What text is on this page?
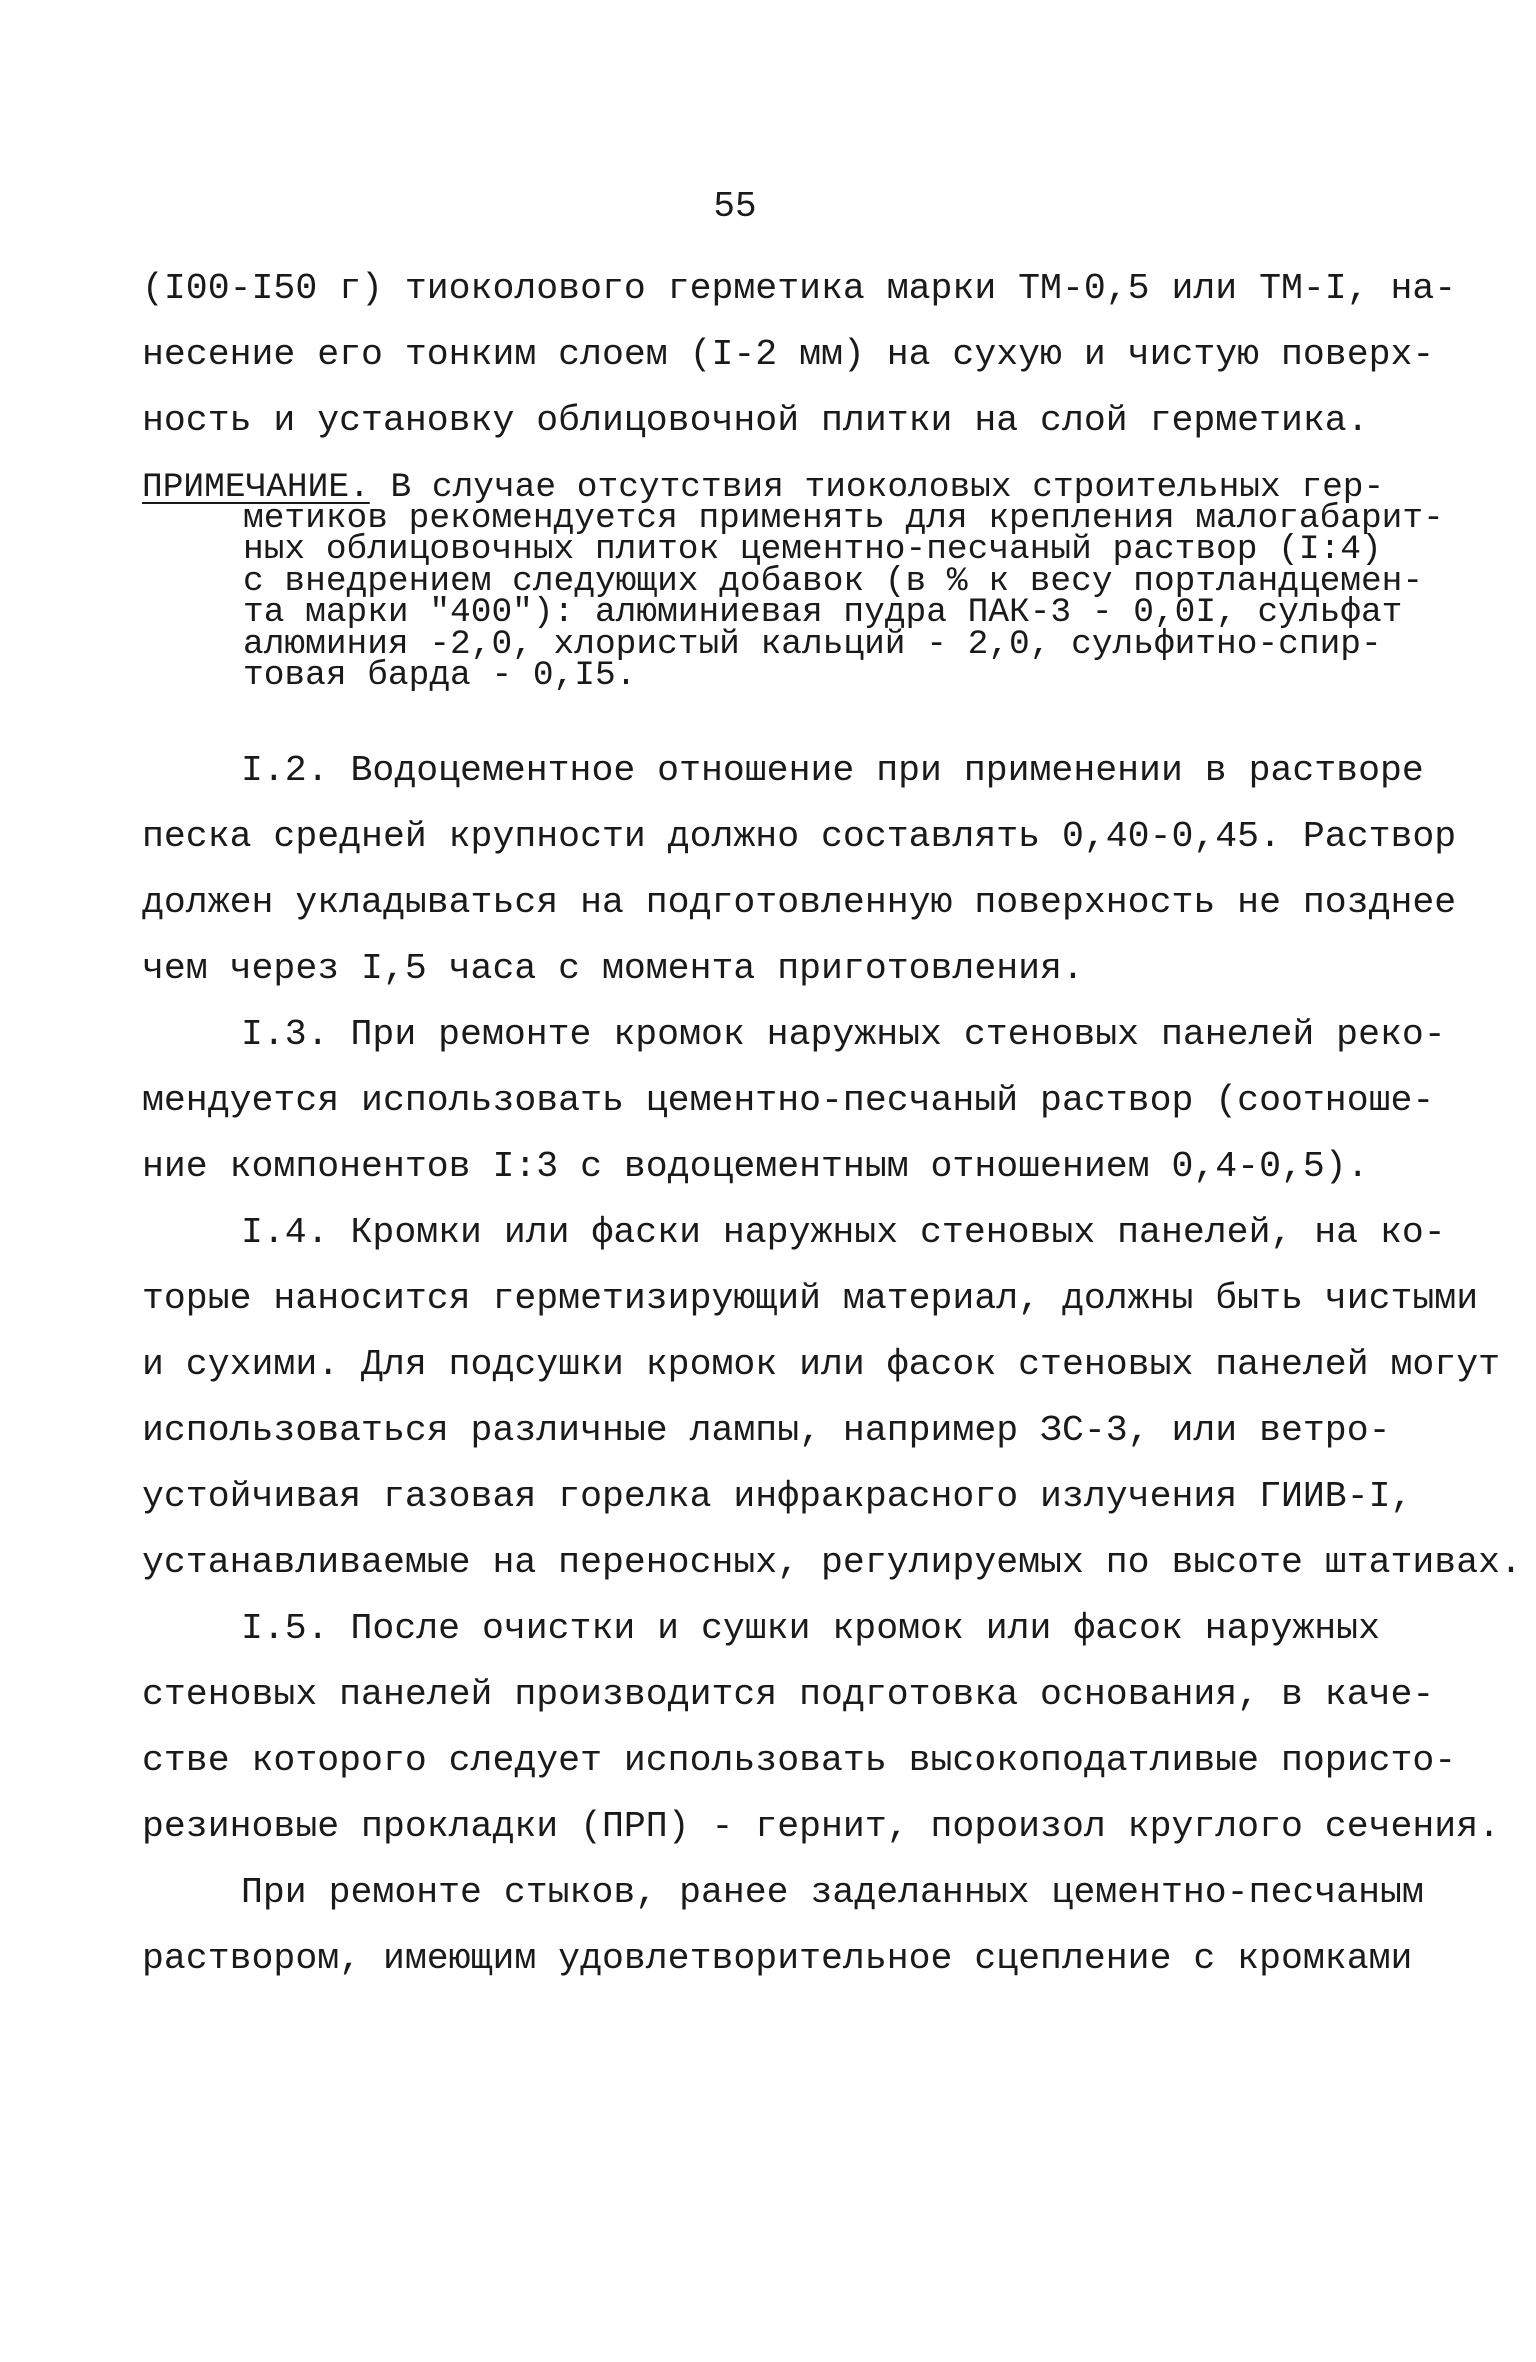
55
(I00-I50 г) тиоколового герметика марки ТМ-0,5 или ТМ-I, на-
несение его тонким слоем (I-2 мм) на сухую и чистую поверх-
ность и установку облицовочной плитки на слой герметика.
ПРИМЕЧАНИЕ. В случае отсутствия тиоколовых строительных гер-
метиков рекомендуется применять для крепления малогабарит-
ных облицовочных плиток цементно-песчаный раствор (I:4)
с внедрением следующих добавок (в % к весу портландцемен-
та марки "400"): алюминиевая пудра ПАК-3 - 0,0I, сульфат
алюминия -2,0, хлористый кальций - 2,0, сульфитно-спир-
товая барда - 0,I5.
I.2. Водоцементное отношение при применении в растворе
песка средней крупности должно составлять 0,40-0,45. Раствор
должен укладываться на подготовленную поверхность не позднее
чем через I,5 часа с момента приготовления.
I.3. При ремонте кромок наружных стеновых панелей реко-
мендуется использовать цементно-песчаный раствор (соотноше-
ние компонентов I:3 с водоцементным отношением 0,4-0,5).
I.4. Кромки или фаски наружных стеновых панелей, на ко-
торые наносится герметизирующий материал, должны быть чистыми
и сухими. Для подсушки кромок или фасок стеновых панелей могут
использоваться различные лампы, например ЗС-3, или ветро-
устойчивая газовая горелка инфракрасного излучения ГИИВ-I,
устанавливаемые на переносных, регулируемых по высоте штативах.
I.5. После очистки и сушки кромок или фасок наружных
стеновых панелей производится подготовка основания, в каче-
стве которого следует использовать высокоподатливые пористо-
резиновые прокладки (ПРП) - гернит, пороизол круглого сечения.
При ремонте стыков, ранее заделанных цементно-песчаным
раствором, имеющим удовлетворительное сцепление с кромками
